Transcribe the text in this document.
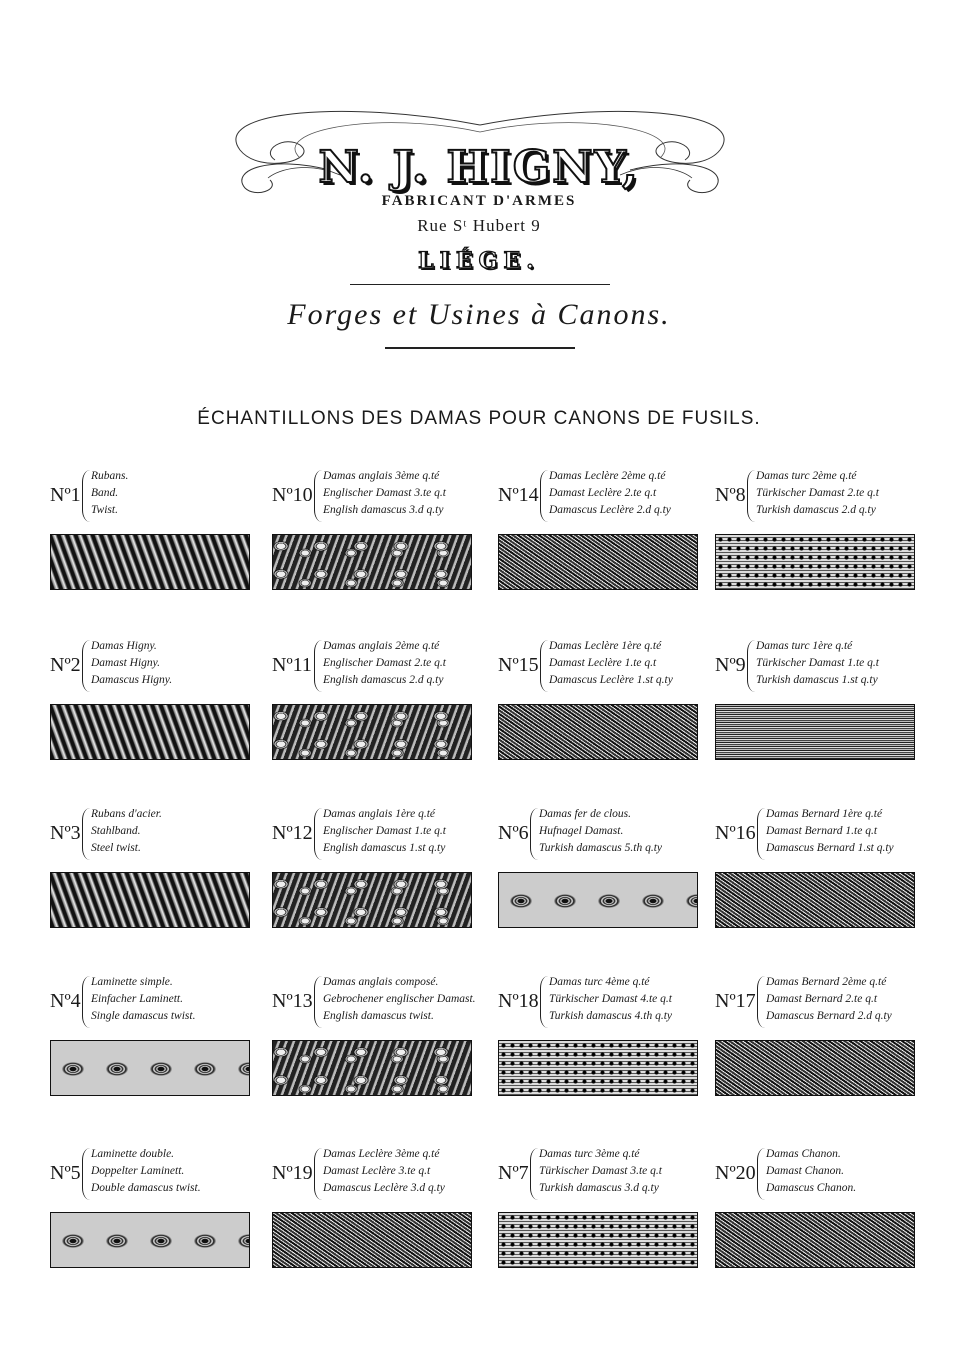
N. J. HIGNY,
FABRICANT D'ARMES
Rue Sᵗ Hubert 9
LIÉGE.
Forges et Usines à Canons.
ÉCHANTILLONS DES DAMAS POUR CANONS DE FUSILS.
Nº1
Rubans.
Band.
Twist.
Nº10
Damas anglais 3ème q.té
Englischer Damast 3.te q.t
English damascus 3.d q.ty
Nº14
Damas Leclère 2ème q.té
Damast Leclère 2.te q.t
Damascus Leclère 2.d q.ty
Nº8
Damas turc 2ème q.té
Türkischer Damast 2.te q.t
Turkish damascus 2.d q.ty
Nº2
Damas Higny.
Damast Higny.
Damascus Higny.
Nº11
Damas anglais 2ème q.té
Englischer Damast 2.te q.t
English damascus 2.d q.ty
Nº15
Damas Leclère 1ère q.té
Damast Leclère 1.te q.t
Damascus Leclère 1.st q.ty
Nº9
Damas turc 1ère q.té
Türkischer Damast 1.te q.t
Turkish damascus 1.st q.ty
Nº3
Rubans d'acier.
Stahlband.
Steel twist.
Nº12
Damas anglais 1ère q.té
Englischer Damast 1.te q.t
English damascus 1.st q.ty
Nº6
Damas fer de clous.
Hufnagel Damast.
Turkish damascus 5.th q.ty
Nº16
Damas Bernard 1ère q.té
Damast Bernard 1.te q.t
Damascus Bernard 1.st q.ty
Nº4
Laminette simple.
Einfacher Laminett.
Single damascus twist.
Nº13
Damas anglais composé.
Gebrochener englischer Damast.
English damascus twist.
Nº18
Damas turc 4ème q.té
Türkischer Damast 4.te q.t
Turkish damascus 4.th q.ty
Nº17
Damas Bernard 2ème q.té
Damast Bernard 2.te q.t
Damascus Bernard 2.d q.ty
Nº5
Laminette double.
Doppelter Laminett.
Double damascus twist.
Nº19
Damas Leclère 3ème q.té
Damast Leclère 3.te q.t
Damascus Leclère 3.d q.ty
Nº7
Damas turc 3ème q.té
Türkischer Damast 3.te q.t
Turkish damascus 3.d q.ty
Nº20
Damas Chanon.
Damast Chanon.
Damascus Chanon.
